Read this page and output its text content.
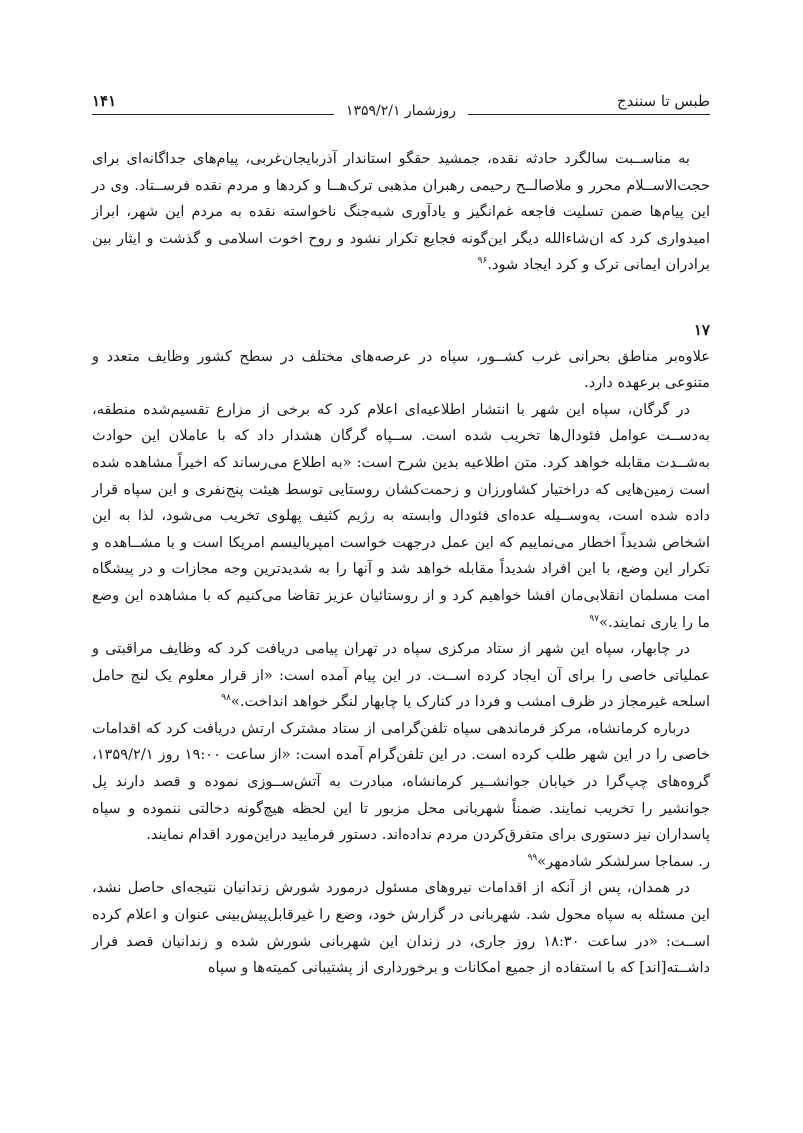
۱۴۱
روزشمار ۱۳۵۹/۲/۱
طبس تا سنندج

به مناســبت سالگرد حادثه نقده، جمشید حقگو استاندار آذربایجان‌غربی، پیام‌های جداگانه‌ای برای حجت‌الاســلام محرر و ملاصالــح رحیمی رهبران مذهبی ترک‌هــا و کردها و مردم نقده فرســتاد. وی در این پیام‌ها ضمن تسلیت فاجعه غم‌انگیز و یادآوری شبه‌جنگ ناخواسته نقده به مردم این شهر، ابراز امیدواری کرد که ان‌شاءالله دیگر این‌گونه فجایع تکرار نشود و روح اخوت اسلامی و گذشت و ایثار بین برادران ایمانی ترک و کرد ایجاد شود.$^{۹۶}$

۱۷

علاوه‌بر مناطق بحرانی غرب کشــور، سپاه در عرصه‌های مختلف در سطح کشور وظایف متعدد و متنوعی برعهده دارد.

در گرگان، سپاه این شهر با انتشار اطلاعیه‌ای اعلام کرد که برخی از مزارع تقسیم‌شده منطقه، به‌دســت عوامل فئودال‌ها تخریب شده است. ســپاه گرگان هشدار داد که با عاملان این حوادث به‌شــدت مقابله خواهد کرد. متن اطلاعیه بدین شرح است: «به اطلاع می‌رساند که اخیراً مشاهده شده است زمین‌هایی که دراختیار کشاورزان و زحمت‌کشان روستایی توسط هیئت پنج‌نفری و این سپاه قرار داده شده است، به‌وســیله عده‌ای فئودال وابسته به رژیم کثیف پهلوی تخریب می‌شود، لذا به این اشخاص شدیداً اخطار می‌نماییم که این عمل درجهت خواست امپریالیسم امریکا است و با مشــاهده و تکرار این وضع، با این افراد شدیداً مقابله خواهد شد و آنها را به شدیدترین وجه مجازات و در پیشگاه امت مسلمان انقلابی‌مان افشا خواهیم کرد و از روستائیان عزیز تقاضا می‌کنیم که با مشاهده این وضع ما را یاری نمایند.»$^{۹۷}$

در چابهار، سپاه این شهر از ستاد مرکزی سپاه در تهران پیامی دریافت کرد که وظایف مراقبتی و عملیاتی خاصی را برای آن ایجاد کرده اســت. در این پیام آمده است: «از قرار معلوم یک لنج حامل اسلحه غیرمجاز در ظرف امشب و فردا در کنارک یا چابهار لنگر خواهد انداخت.»$^{۹۸}$

درباره کرمانشاه، مرکز فرماندهی سپاه تلفن‌گرامی از ستاد مشترک ارتش دریافت کرد که اقدامات خاصی را در این شهر طلب کرده است. در این تلفن‌گرام آمده است: «از ساعت ۱۹:۰۰ روز ۱۳۵۹/۲/۱، گروه‌های چپ‌گرا در خیابان جوانشــیر کرمانشاه، مبادرت به آتش‌ســوزی نموده و قصد دارند پل جوانشیر را تخریب نمایند. ضمناً شهربانی محل مزبور تا این لحظه هیچ‌گونه دخالتی ننموده و سپاه پاسداران نیز دستوری برای متفرق‌کردن مردم نداده‌اند. دستور فرمایید دراین‌مورد اقدام نمایند.

ر. سماجا سرلشکر شادمهر»$^{۹۹}$

در همدان، پس از آنکه از اقدامات نیروهای مسئول درمورد شورش زندانیان نتیجه‌ای حاصل نشد، این مسئله به سپاه محول شد. شهربانی در گزارش خود، وضع را غیرقابل‌پیش‌بینی عنوان و اعلام کرده اســت: «در ساعت ۱۸:۳۰ روز جاری، در زندان این شهربانی شورش شده و زندانیان قصد فرار داشــته[اند] که با استفاده از جمیع امکانات و برخورداری از پشتیبانی کمیته‌ها و سپاه
